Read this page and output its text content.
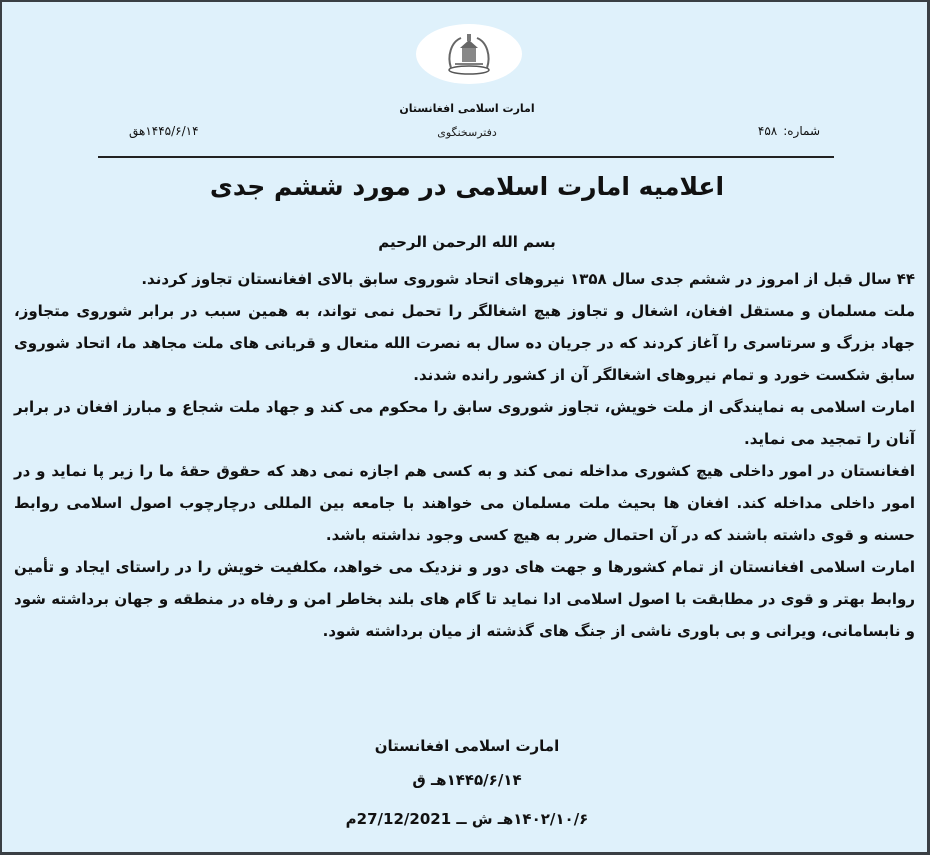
امارت اسلامی افغانستان
دفترسخنگوی	شماره:۴۵۸
۱۴۴۵/۶/۱۴هق
اعلامیه امارت اسلامی در مورد ششم جدی
بسم الله الرحمن الرحیم

۴۴ سال قبل از امروز در ششم جدی سال ۱۳۵۸ نیروهای اتحاد شوروی سابق بالای افغانستان تجاوز کردند.

ملت مسلمان و مستقل افغان، اشغال و تجاوز هیچ اشغالگر را تحمل نمی تواند، به همین سبب در برابر شوروی متجاوز، جهاد بزرگ و سرتاسری را آغاز کردند که در جریان ده سال به نصرت الله متعال و قربانی های ملت مجاهد ما، اتحاد شوروی سابق شکست خورد و تمام نیروهای اشغالگر آن از کشور رانده شدند.

امارت اسلامی به نمایندگی از ملت خویش، تجاوز شوروی سابق را محکوم می کند و جهاد ملت شجاع و مبارز افغان در برابر آنان را تمجید می نماید.

افغانستان در امور داخلی هیچ کشوری مداخله نمی کند و به کسی هم اجازه نمی دهد که حقوق حقۀ ما را زیر پا نماید و در امور داخلی مداخله کند. افغان ها بحیث ملت مسلمان می خواهند با جامعه بین المللی درچارچوب اصول اسلامی روابط حسنه و قوی داشته باشند که در آن احتمال ضرر به هیچ کسی وجود نداشته باشد.

امارت اسلامی افغانستان از تمام کشورها و جهت های دور و نزدیک می خواهد، مکلفیت خویش را در راستای ایجاد و تأمین روابط بهتر و قوی در مطابقت با اصول اسلامی ادا نماید تا گام های بلند بخاطر امن و رفاه در منطقه و جهان برداشته شود و نابسامانی، ویرانی و بی باوری ناشی از جنگ های گذشته از میان برداشته شود.

امارت اسلامی افغانستان
۱۴۴۵/۶/۱۴هـ ق
۱۴۰۲/۱۰/۶هـ ش ــ 27/12/2021م
